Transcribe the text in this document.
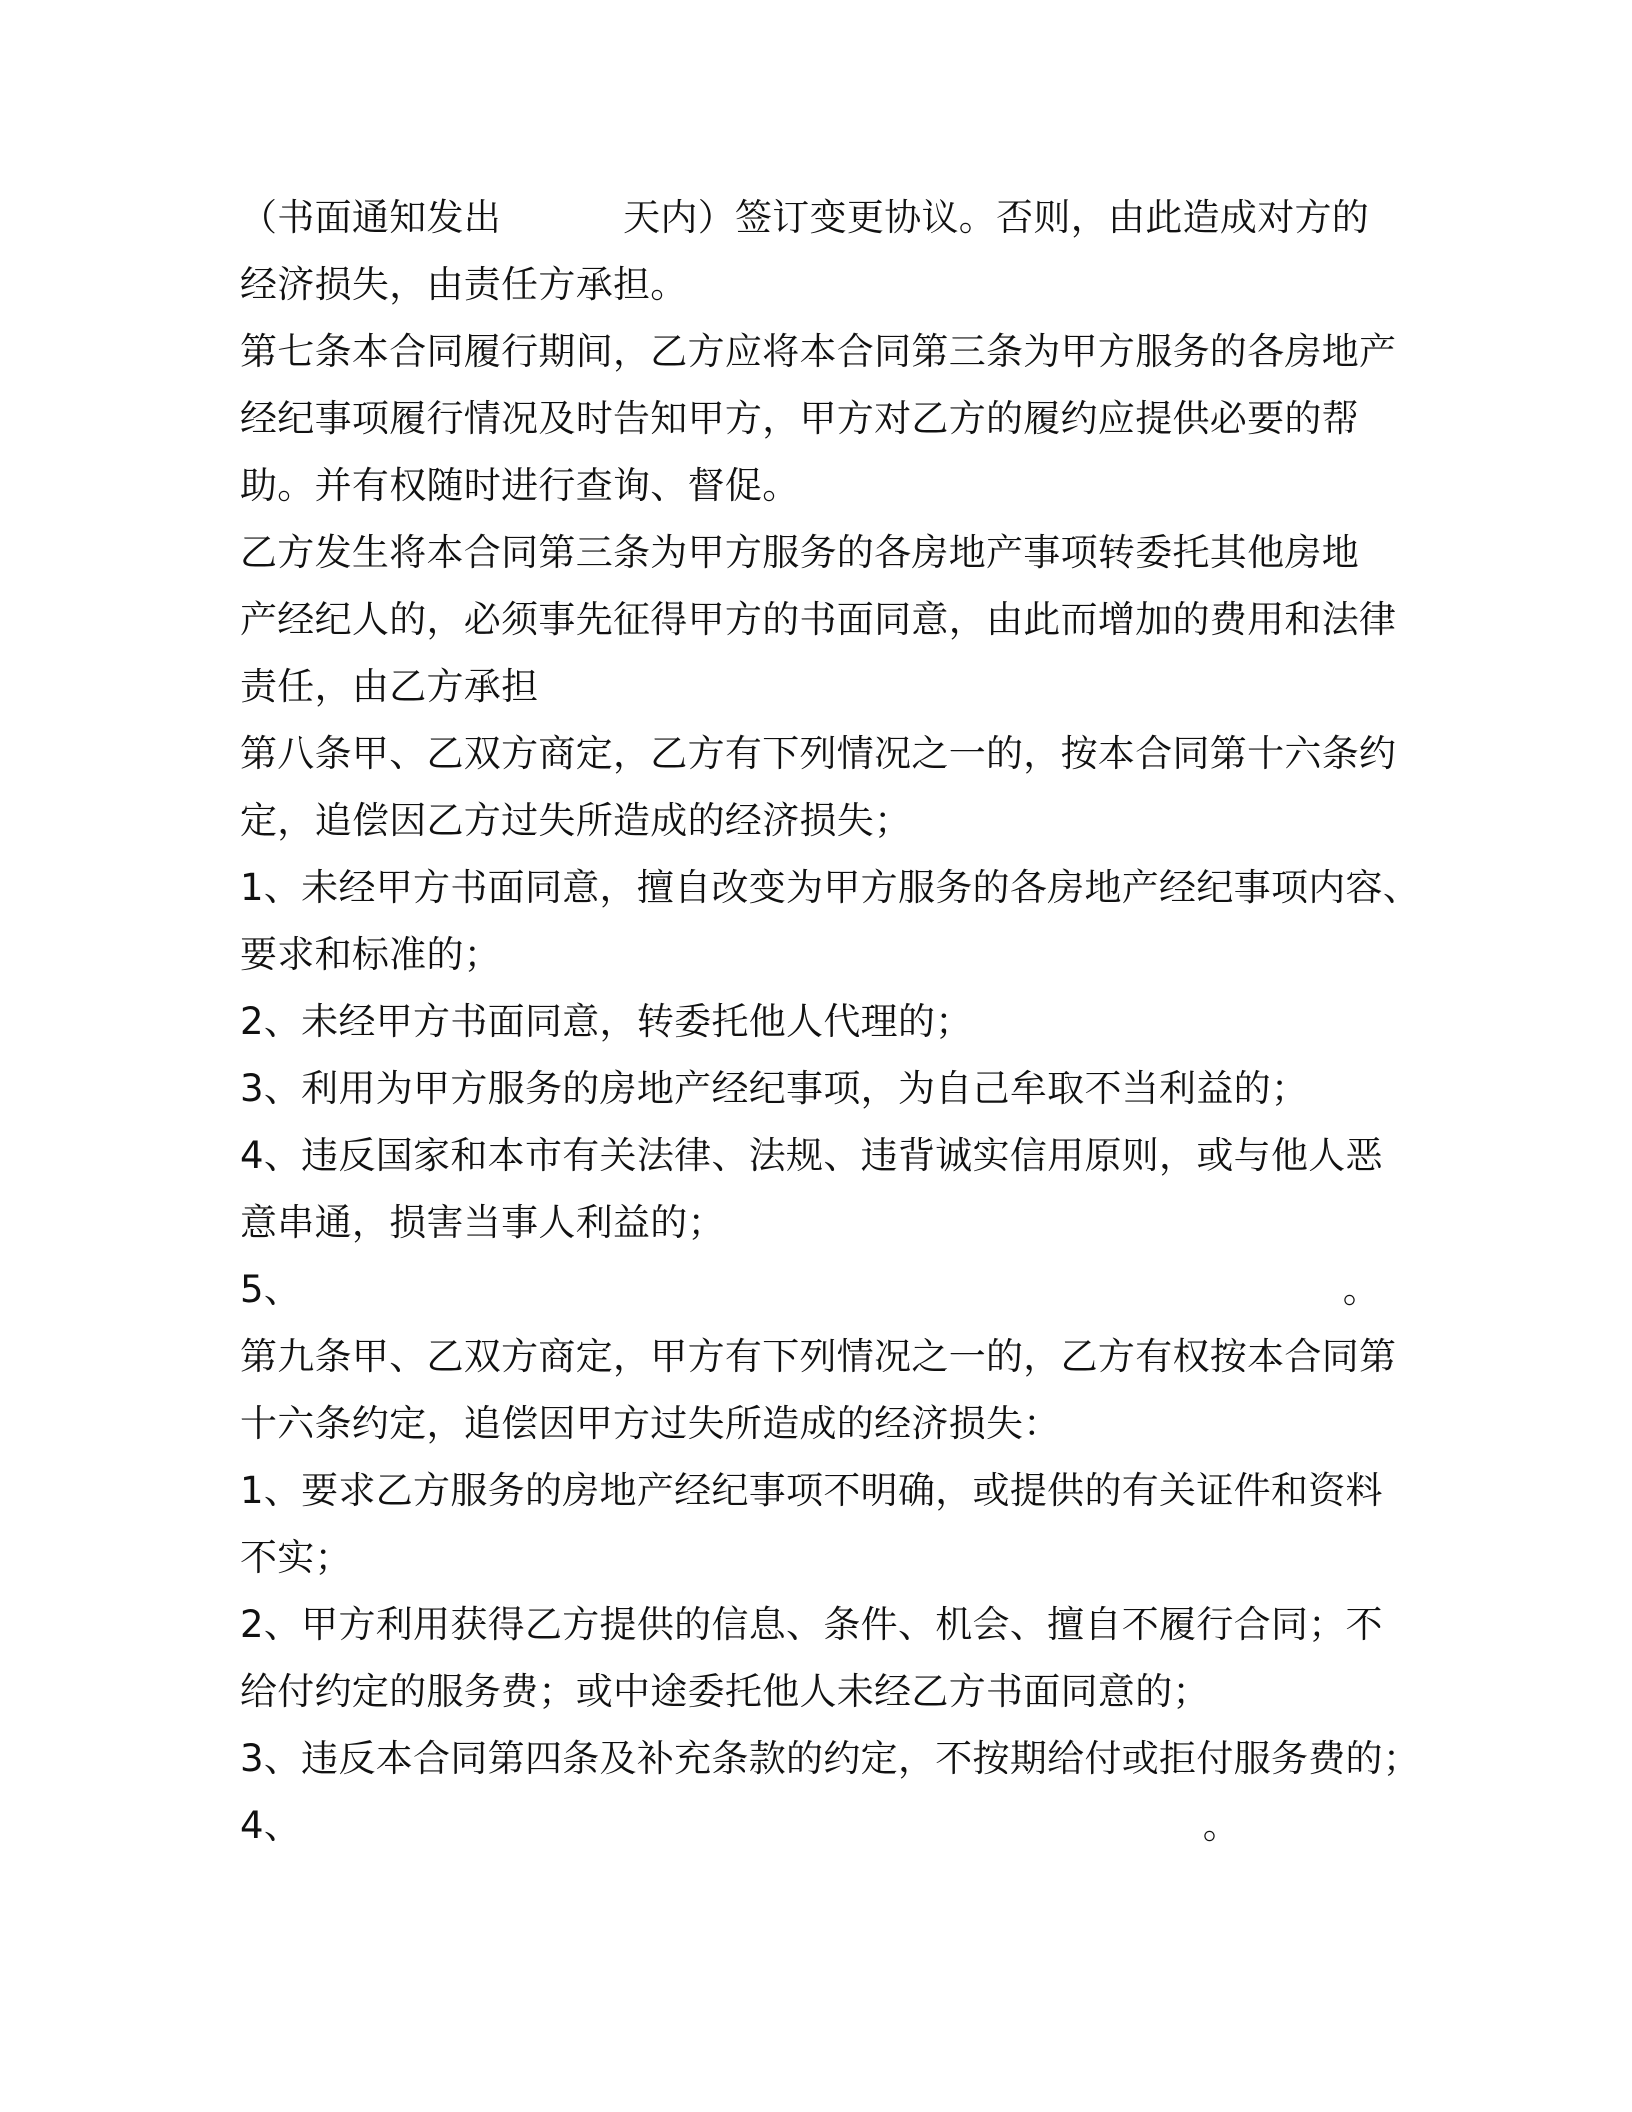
（书面通知发出	天内）签订变更协议。否则，由此造成对方的
经济损失，由责任方承担。
第七条本合同履行期间，乙方应将本合同第三条为甲方服务的各房地产
经纪事项履行情况及时告知甲方，甲方对乙方的履约应提供必要的帮
助。并有权随时进行查询、督促。
乙方发生将本合同第三条为甲方服务的各房地产事项转委托其他房地
产经纪人的，必须事先征得甲方的书面同意，由此而增加的费用和法律
责任，由乙方承担
第八条甲、乙双方商定，乙方有下列情况之一的，按本合同第十六条约
定，追偿因乙方过失所造成的经济损失；
1、未经甲方书面同意，擅自改变为甲方服务的各房地产经纪事项内容、
要求和标准的；
2、未经甲方书面同意，转委托他人代理的；
3、利用为甲方服务的房地产经纪事项，为自己牟取不当利益的；
4、违反国家和本市有关法律、法规、违背诚实信用原则，或与他人恶
意串通，损害当事人利益的；
5、	。
第九条甲、乙双方商定，甲方有下列情况之一的，乙方有权按本合同第
十六条约定，追偿因甲方过失所造成的经济损失：
1、要求乙方服务的房地产经纪事项不明确，或提供的有关证件和资料
不实；
2、甲方利用获得乙方提供的信息、条件、机会、擅自不履行合同；不
给付约定的服务费；或中途委托他人未经乙方书面同意的；
3、违反本合同第四条及补充条款的约定，不按期给付或拒付服务费的；
4、	。
